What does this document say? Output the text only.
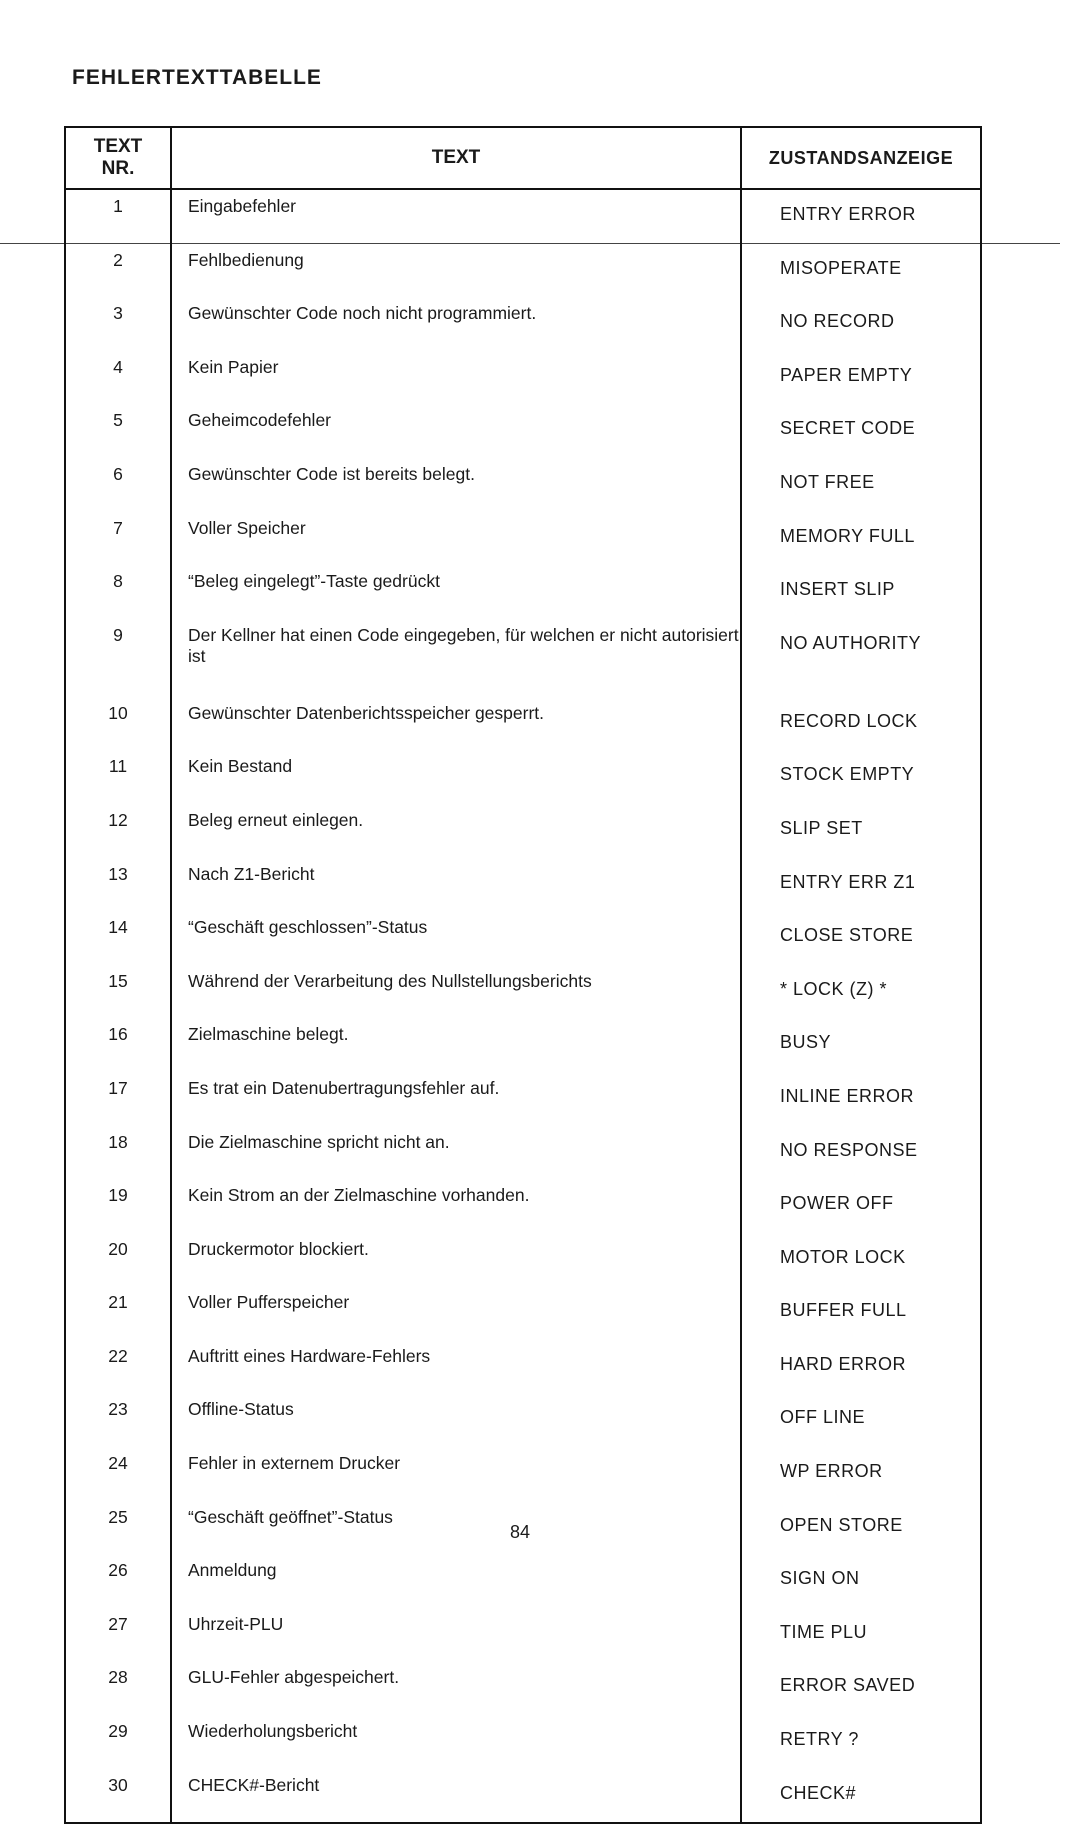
FEHLERTEXTTABELLE
TEXT
NR.	TEXT	ZUSTANDSANZEIGE
1	Eingabefehler	ENTRY ERROR
2	Fehlbedienung	MISOPERATE
3	Gewünschter Code noch nicht programmiert.	NO RECORD
4	Kein Papier	PAPER EMPTY
5	Geheimcodefehler	SECRET CODE
6	Gewünschter Code ist bereits belegt.	NOT FREE
7	Voller Speicher	MEMORY FULL
8	“Beleg eingelegt”-Taste gedrückt	INSERT SLIP
9	Der Kellner hat einen Code eingegeben, für welchen er nicht autorisiert ist	NO AUTHORITY
10	Gewünschter Datenberichtsspeicher gesperrt.	RECORD LOCK
11	Kein Bestand	STOCK EMPTY
12	Beleg erneut einlegen.	SLIP SET
13	Nach Z1-Bericht	ENTRY ERR Z1
14	“Geschäft geschlossen”-Status	CLOSE STORE
15	Während der Verarbeitung des Nullstellungsberichts	* LOCK (Z) *
16	Zielmaschine belegt.	BUSY
17	Es trat ein Datenubertragungsfehler auf.	INLINE ERROR
18	Die Zielmaschine spricht nicht an.	NO RESPONSE
19	Kein Strom an der Zielmaschine vorhanden.	POWER OFF
20	Druckermotor blockiert.	MOTOR LOCK
21	Voller Pufferspeicher	BUFFER FULL
22	Auftritt eines Hardware-Fehlers	HARD ERROR
23	Offline-Status	OFF LINE
24	Fehler in externem Drucker	WP ERROR
25	“Geschäft geöffnet”-Status	OPEN STORE
26	Anmeldung	SIGN ON
27	Uhrzeit-PLU	TIME PLU
28	GLU-Fehler abgespeichert.	ERROR SAVED
29	Wiederholungsbericht	RETRY ?
30	CHECK#-Bericht	CHECK#
84
